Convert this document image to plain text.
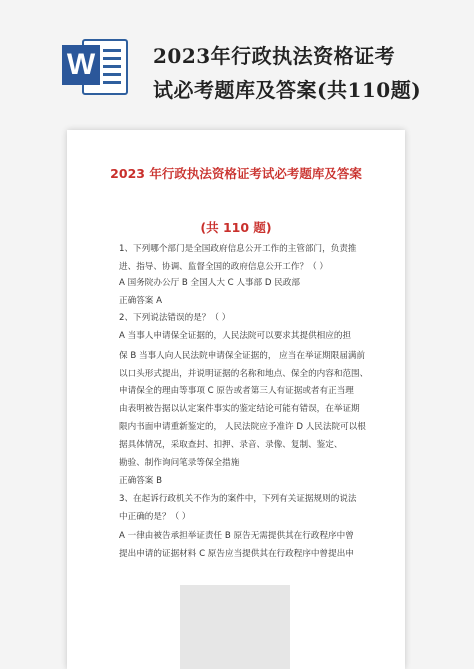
W	2023年行政执法资格证考
试必考题库及答案(共110题)
2023 年行政执法资格证考试必考题库及答案
(共 110 题)
1、下列哪个部门是全国政府信息公开工作的主管部门，负责推
进、指导、协调、监督全国的政府信息公开工作？（ ）
A 国务院办公厅 B 全国人大 C 人事部 D 民政部
正确答案 A
2、下列说法错误的是？（ ）
A 当事人申请保全证据的，人民法院可以要求其提供相应的担
保 B 当事人向人民法院申请保全证据的， 应当在举证期限届满前
以口头形式提出，并说明证据的名称和地点、保全的内容和范围、
申请保全的理由等事项 C 原告或者第三人有证据或者有正当理
由表明被告据以认定案件事实的鉴定结论可能有错误，在举证期
限内书面申请重新鉴定的， 人民法院应予准许 D 人民法院可以根
据具体情况，采取查封、扣押、录音、录像、复制、鉴定、
勘验、制作询问笔录等保全措施
正确答案 B
3、在起诉行政机关不作为的案件中，下列有关证据规则的说法
中正确的是？（ ）
A 一律由被告承担举证责任 B 原告无需提供其在行政程序中曾
提出申请的证据材料 C 原告应当提供其在行政程序中曾提出申
